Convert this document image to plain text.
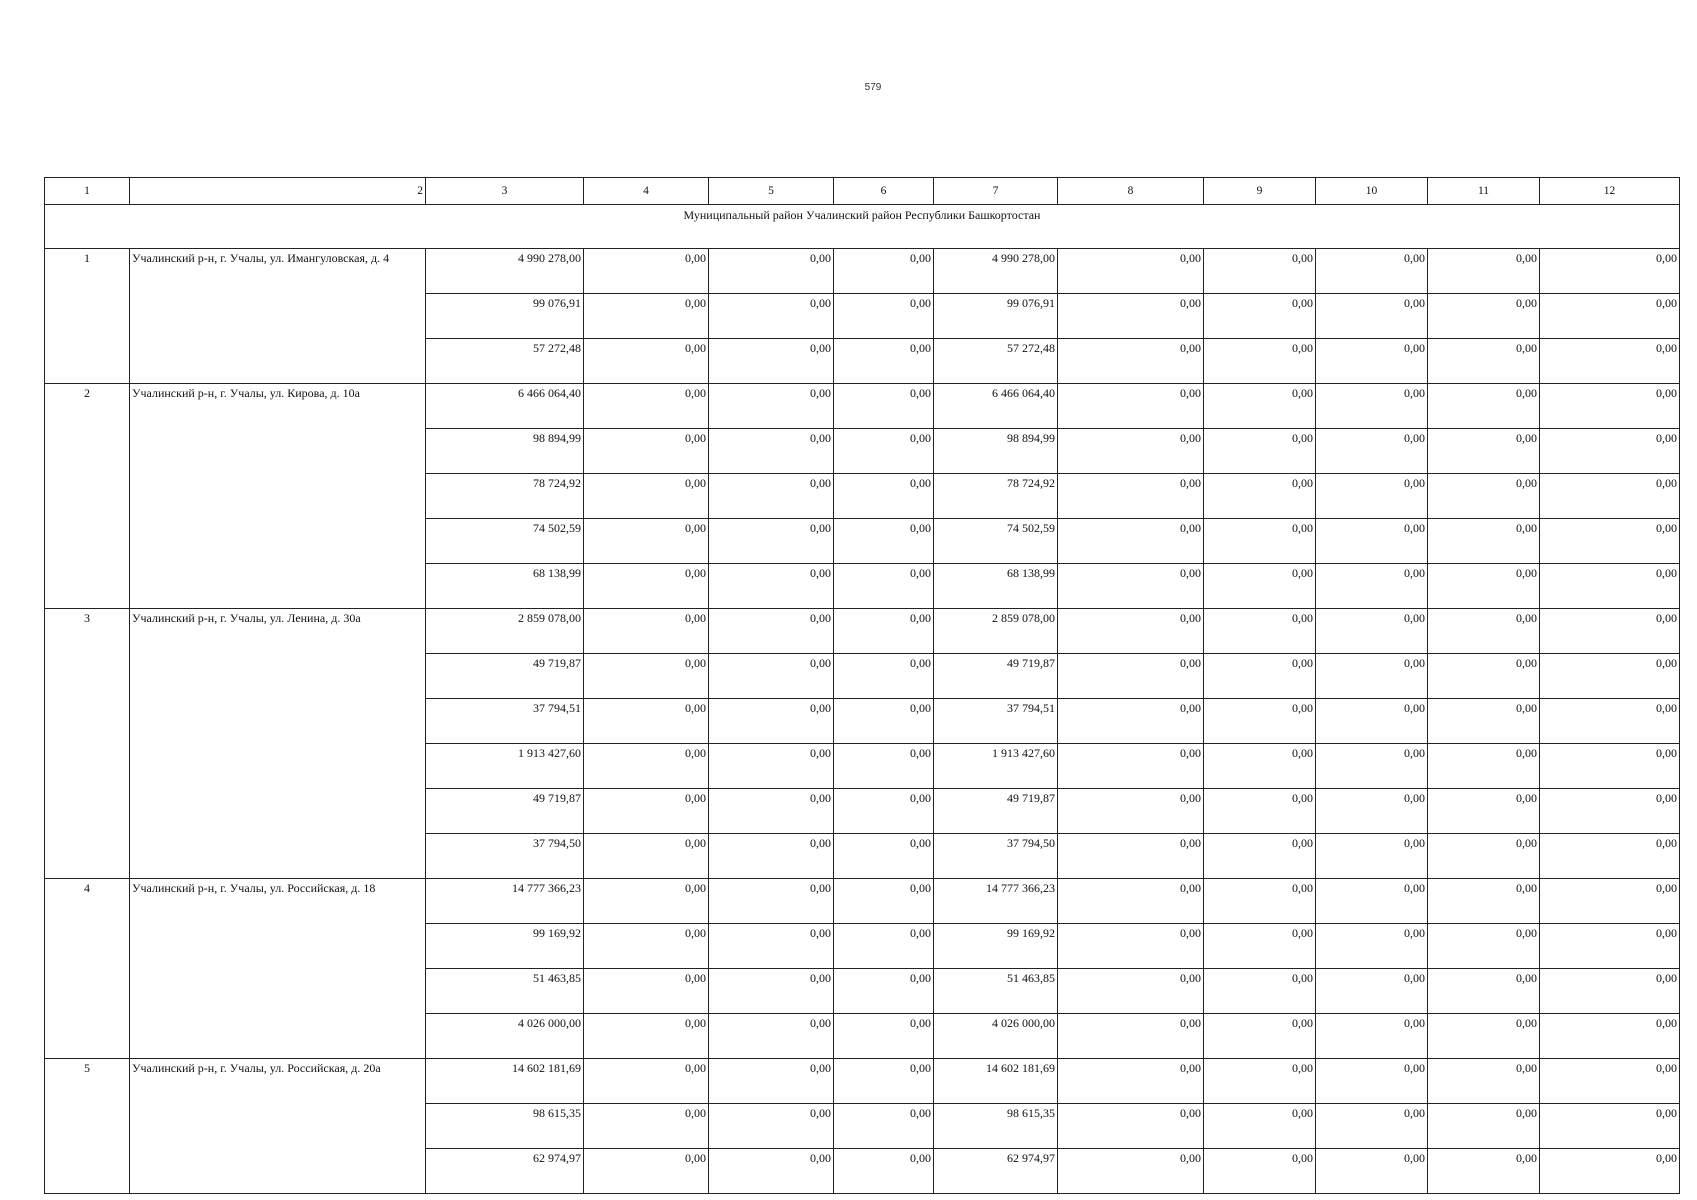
579
1	2	3	4	5	6	7	8	9	10	11	12
Муниципальный район Учалинский район Республики Башкортостан											
1	Учалинский р-н, г. Учалы, ул. Имангуловская, д. 4	4 990 278,00	0,00	0,00	0,00	4 990 278,00	0,00	0,00	0,00	0,00	0,00
		99 076,91	0,00	0,00	0,00	99 076,91	0,00	0,00	0,00	0,00	0,00
		57 272,48	0,00	0,00	0,00	57 272,48	0,00	0,00	0,00	0,00	0,00
2	Учалинский р-н, г. Учалы, ул. Кирова, д. 10а	6 466 064,40	0,00	0,00	0,00	6 466 064,40	0,00	0,00	0,00	0,00	0,00
		98 894,99	0,00	0,00	0,00	98 894,99	0,00	0,00	0,00	0,00	0,00
		78 724,92	0,00	0,00	0,00	78 724,92	0,00	0,00	0,00	0,00	0,00
		74 502,59	0,00	0,00	0,00	74 502,59	0,00	0,00	0,00	0,00	0,00
		68 138,99	0,00	0,00	0,00	68 138,99	0,00	0,00	0,00	0,00	0,00
3	Учалинский р-н, г. Учалы, ул. Ленина, д. 30а	2 859 078,00	0,00	0,00	0,00	2 859 078,00	0,00	0,00	0,00	0,00	0,00
		49 719,87	0,00	0,00	0,00	49 719,87	0,00	0,00	0,00	0,00	0,00
		37 794,51	0,00	0,00	0,00	37 794,51	0,00	0,00	0,00	0,00	0,00
		1 913 427,60	0,00	0,00	0,00	1 913 427,60	0,00	0,00	0,00	0,00	0,00
		49 719,87	0,00	0,00	0,00	49 719,87	0,00	0,00	0,00	0,00	0,00
		37 794,50	0,00	0,00	0,00	37 794,50	0,00	0,00	0,00	0,00	0,00
4	Учалинский р-н, г. Учалы, ул. Российская, д. 18	14 777 366,23	0,00	0,00	0,00	14 777 366,23	0,00	0,00	0,00	0,00	0,00
		99 169,92	0,00	0,00	0,00	99 169,92	0,00	0,00	0,00	0,00	0,00
		51 463,85	0,00	0,00	0,00	51 463,85	0,00	0,00	0,00	0,00	0,00
		4 026 000,00	0,00	0,00	0,00	4 026 000,00	0,00	0,00	0,00	0,00	0,00
5	Учалинский р-н, г. Учалы, ул. Российская, д. 20а	14 602 181,69	0,00	0,00	0,00	14 602 181,69	0,00	0,00	0,00	0,00	0,00
		98 615,35	0,00	0,00	0,00	98 615,35	0,00	0,00	0,00	0,00	0,00
		62 974,97	0,00	0,00	0,00	62 974,97	0,00	0,00	0,00	0,00	0,00
